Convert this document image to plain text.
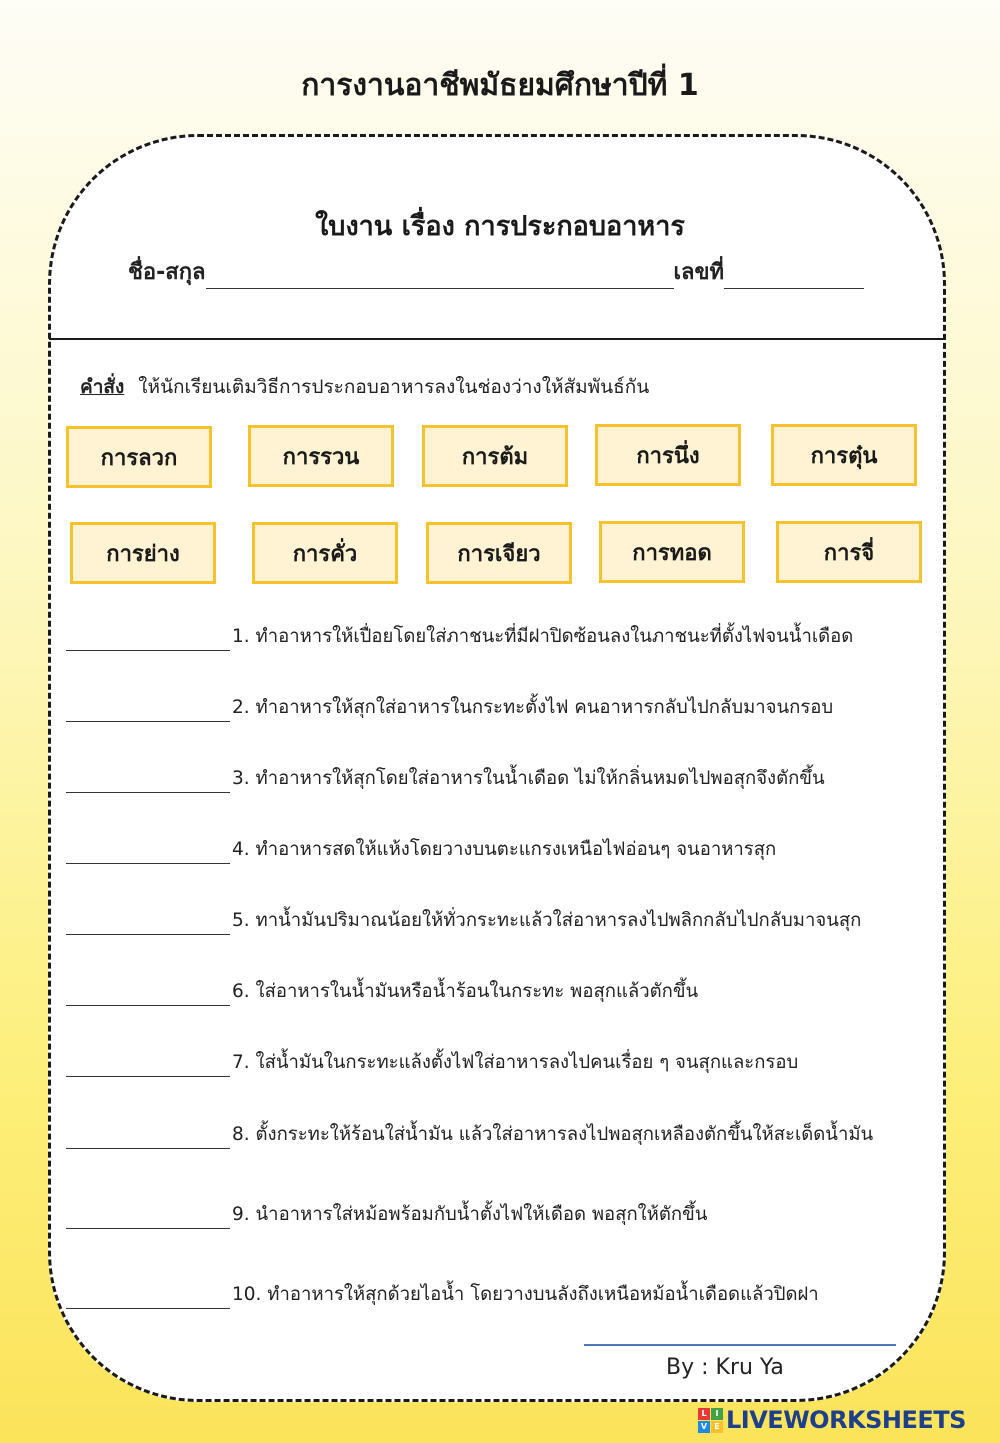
การงานอาชีพมัธยมศึกษาปีที่ 1
ใบงาน เรื่อง การประกอบอาหาร
ชื่อ-สกุล	เลขที่
คำสั่ง ให้นักเรียนเติมวิธีการประกอบอาหารลงในช่องว่างให้สัมพันธ์กัน
การลวก	การรวน	การต้ม	การนึ่ง	การตุ๋น
การย่าง	การคั่ว	การเจียว	การทอด	การจี่
1. ทำอาหารให้เปื่อยโดยใส่ภาชนะที่มีฝาปิดซ้อนลงในภาชนะที่ตั้งไฟจนน้ำเดือด
2. ทำอาหารให้สุกใส่อาหารในกระทะตั้งไฟ คนอาหารกลับไปกลับมาจนกรอบ
3. ทำอาหารให้สุกโดยใส่อาหารในน้ำเดือด ไม่ให้กลิ่นหมดไปพอสุกจึงตักขึ้น
4. ทำอาหารสดให้แห้งโดยวางบนตะแกรงเหนือไฟอ่อนๆ จนอาหารสุก
5. ทาน้ำมันปริมาณน้อยให้ทั่วกระทะแล้วใส่อาหารลงไปพลิกกลับไปกลับมาจนสุก
6. ใส่อาหารในน้ำมันหรือน้ำร้อนในกระทะ พอสุกแล้วตักขึ้น
7. ใส่น้ำมันในกระทะแล้งตั้งไฟใส่อาหารลงไปคนเรื่อย ๆ จนสุกและกรอบ
8. ตั้งกระทะให้ร้อนใส่น้ำมัน แล้วใส่อาหารลงไปพอสุกเหลืองตักขึ้นให้สะเด็ดน้ำมัน
9. นำอาหารใส่หม้อพร้อมกับน้ำตั้งไฟให้เดือด พอสุกให้ตักขึ้น
10. ทำอาหารให้สุกด้วยไอน้ำ โดยวางบนลังถึงเหนือหม้อน้ำเดือดแล้วปิดฝา
By : Kru Ya
L	I
V E LIVEWORKSHEETS
